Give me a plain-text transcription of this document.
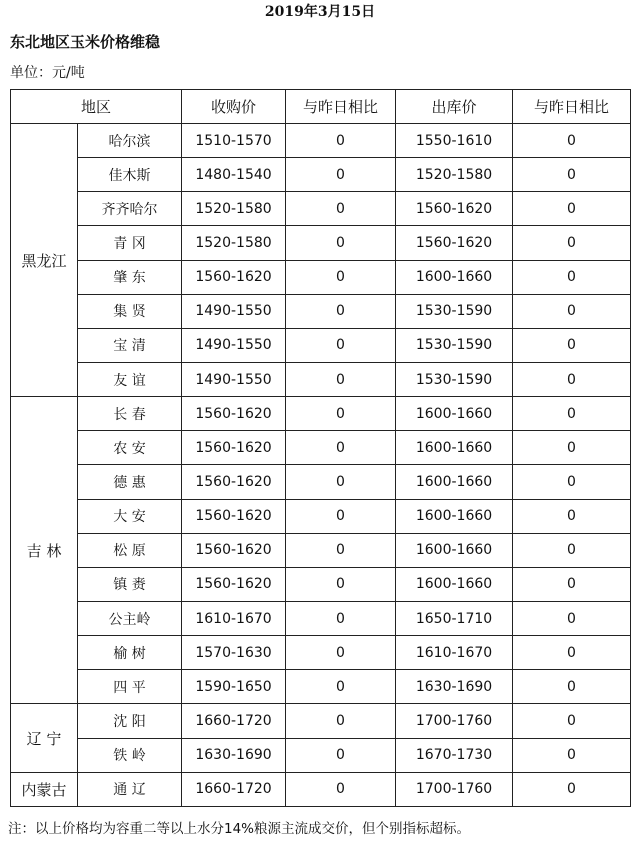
2019年3月15日
东北地区玉米价格维稳
单位：元/吨
地区		收购价	与昨日相比	出库价	与昨日相比
黑龙江	哈尔滨	1510-1570	0	1550-1610	0
	佳木斯	1480-1540	0	1520-1580	0
	齐齐哈尔	1520-1580	0	1560-1620	0
	青 冈	1520-1580	0	1560-1620	0
	肇 东	1560-1620	0	1600-1660	0
	集 贤	1490-1550	0	1530-1590	0
	宝 清	1490-1550	0	1530-1590	0
	友 谊	1490-1550	0	1530-1590	0
吉 林	长 春	1560-1620	0	1600-1660	0
	农 安	1560-1620	0	1600-1660	0
	德 惠	1560-1620	0	1600-1660	0
	大 安	1560-1620	0	1600-1660	0
	松 原	1560-1620	0	1600-1660	0
	镇 赉	1560-1620	0	1600-1660	0
	公主岭	1610-1670	0	1650-1710	0
	榆 树	1570-1630	0	1610-1670	0
	四 平	1590-1650	0	1630-1690	0
辽 宁	沈 阳	1660-1720	0	1700-1760	0
	铁 岭	1630-1690	0	1670-1730	0
内蒙古	通 辽	1660-1720	0	1700-1760	0
注：以上价格均为容重二等以上水分14%粮源主流成交价，但个别指标超标。
